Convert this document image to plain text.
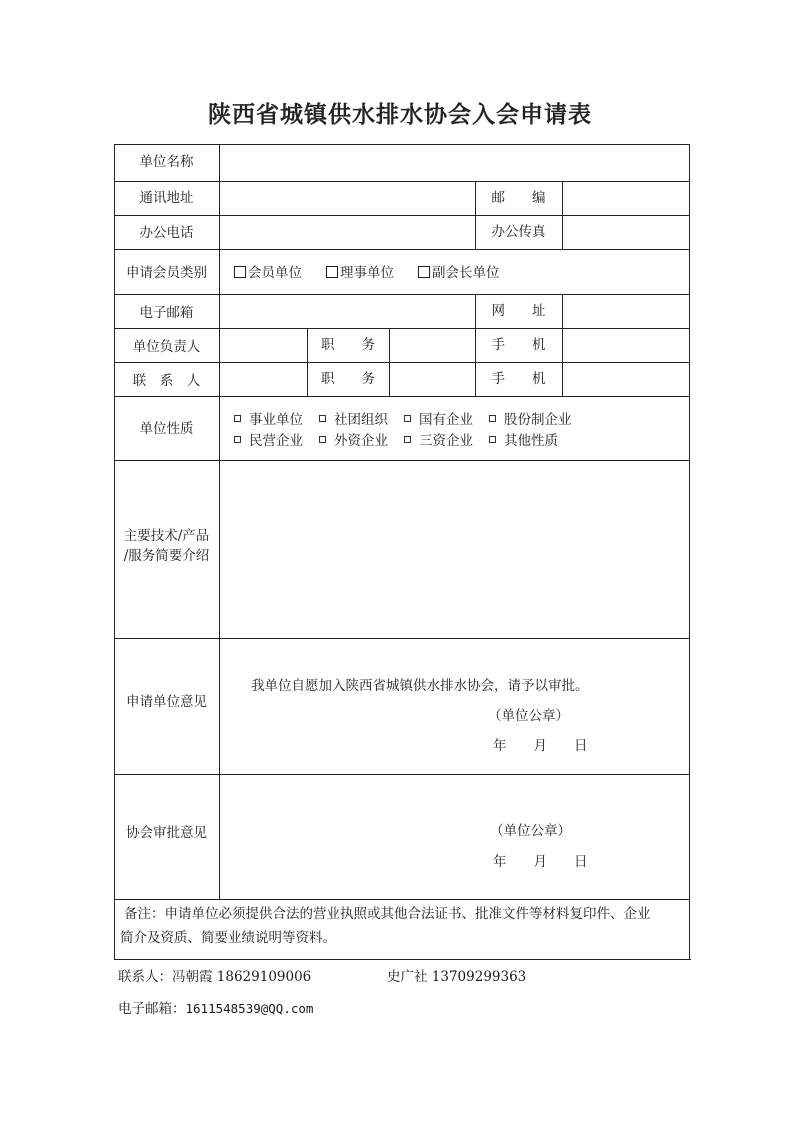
陕西省城镇供水排水协会入会申请表
单位名称
通讯地址	邮　　编
办公电话	办公传真
申请会员类别	会员单位	理事单位	副会长单位
电子邮箱	网　　址
单位负责人	职　　务	手　　机
联　系　人	职　　务	手　　机
单位性质
事业单位	社团组织	国有企业	股份制企业
民营企业	外资企业	三资企业	其他性质
主要技术/产品
/服务简要介绍
申请单位意见
我单位自愿加入陕西省城镇供水排水协会，请予以审批。
（单位公章）
年　　月　　日
协会审批意见	（单位公章）
年　　月　　日
备注：申请单位必须提供合法的营业执照或其他合法证书、批准文件等材料复印件、企业
简介及资质、简要业绩说明等资料。
联系人：冯朝霞 18629109006	史广社 13709299363
电子邮箱：1611548539@QQ.com
